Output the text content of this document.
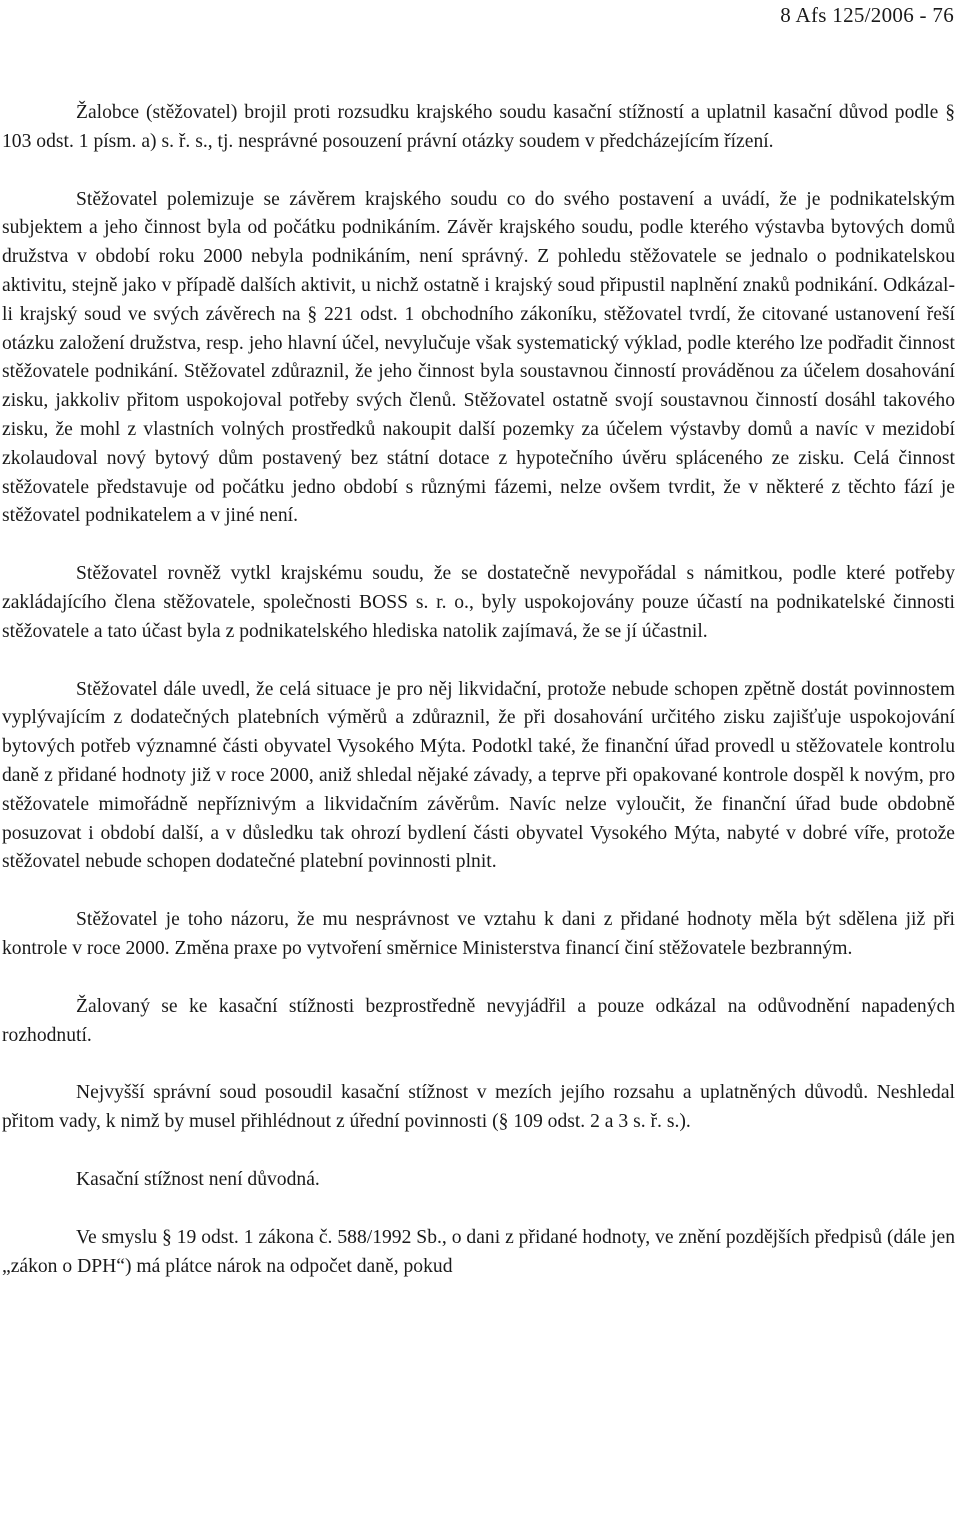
8 Afs 125/2006 - 76

Žalobce (stěžovatel) brojil proti rozsudku krajského soudu kasační stížností a uplatnil kasační důvod podle § 103 odst. 1 písm. a) s. ř. s., tj. nesprávné posouzení právní otázky soudem v předcházejícím řízení.

Stěžovatel polemizuje se závěrem krajského soudu co do svého postavení a uvádí, že je podnikatelským subjektem a jeho činnost byla od počátku podnikáním. Závěr krajského soudu, podle kterého výstavba bytových domů družstva v období roku 2000 nebyla podnikáním, není správný. Z pohledu stěžovatele se jednalo o podnikatelskou aktivitu, stejně jako v případě dalších aktivit, u nichž ostatně i krajský soud připustil naplnění znaků podnikání. Odkázal-li krajský soud ve svých závěrech na § 221 odst. 1 obchodního zákoníku, stěžovatel tvrdí, že citované ustanovení řeší otázku založení družstva, resp. jeho hlavní účel, nevylučuje však systematický výklad, podle kterého lze podřadit činnost stěžovatele podnikání. Stěžovatel zdůraznil, že jeho činnost byla soustavnou činností prováděnou za účelem dosahování zisku, jakkoliv přitom uspokojoval potřeby svých členů. Stěžovatel ostatně svojí soustavnou činností dosáhl takového zisku, že mohl z vlastních volných prostředků nakoupit další pozemky za účelem výstavby domů a navíc v mezidobí zkolaudoval nový bytový dům postavený bez státní dotace z hypotečního úvěru spláceného ze zisku. Celá činnost stěžovatele představuje od počátku jedno období s různými fázemi, nelze ovšem tvrdit, že v některé z těchto fází je stěžovatel podnikatelem a v jiné není.

Stěžovatel rovněž vytkl krajskému soudu, že se dostatečně nevypořádal s námitkou, podle které potřeby zakládajícího člena stěžovatele, společnosti BOSS s. r. o., byly uspokojovány pouze účastí na podnikatelské činnosti stěžovatele a tato účast byla z podnikatelského hlediska natolik zajímavá, že se jí účastnil.

Stěžovatel dále uvedl, že celá situace je pro něj likvidační, protože nebude schopen zpětně dostát povinnostem vyplývajícím z dodatečných platebních výměrů a zdůraznil, že při dosahování určitého zisku zajišťuje uspokojování bytových potřeb významné části obyvatel Vysokého Mýta. Podotkl také, že finanční úřad provedl u stěžovatele kontrolu daně z přidané hodnoty již v roce 2000, aniž shledal nějaké závady, a teprve při opakované kontrole dospěl k novým, pro stěžovatele mimořádně nepříznivým a likvidačním závěrům. Navíc nelze vyloučit, že finanční úřad bude obdobně posuzovat i období další, a v důsledku tak ohrozí bydlení části obyvatel Vysokého Mýta, nabyté v dobré víře, protože stěžovatel nebude schopen dodatečné platební povinnosti plnit.

Stěžovatel je toho názoru, že mu nesprávnost ve vztahu k dani z přidané hodnoty měla být sdělena již při kontrole v roce 2000. Změna praxe po vytvoření směrnice Ministerstva financí činí stěžovatele bezbranným.

Žalovaný se ke kasační stížnosti bezprostředně nevyjádřil a pouze odkázal na odůvodnění napadených rozhodnutí.

Nejvyšší správní soud posoudil kasační stížnost v mezích jejího rozsahu a uplatněných důvodů. Neshledal přitom vady, k nimž by musel přihlédnout z úřední povinnosti (§ 109 odst. 2 a 3 s. ř. s.).

Kasační stížnost není důvodná.

Ve smyslu § 19 odst. 1 zákona č. 588/1992 Sb., o dani z přidané hodnoty, ve znění pozdějších předpisů (dále jen „zákon o DPH“) má plátce nárok na odpočet daně, pokud
